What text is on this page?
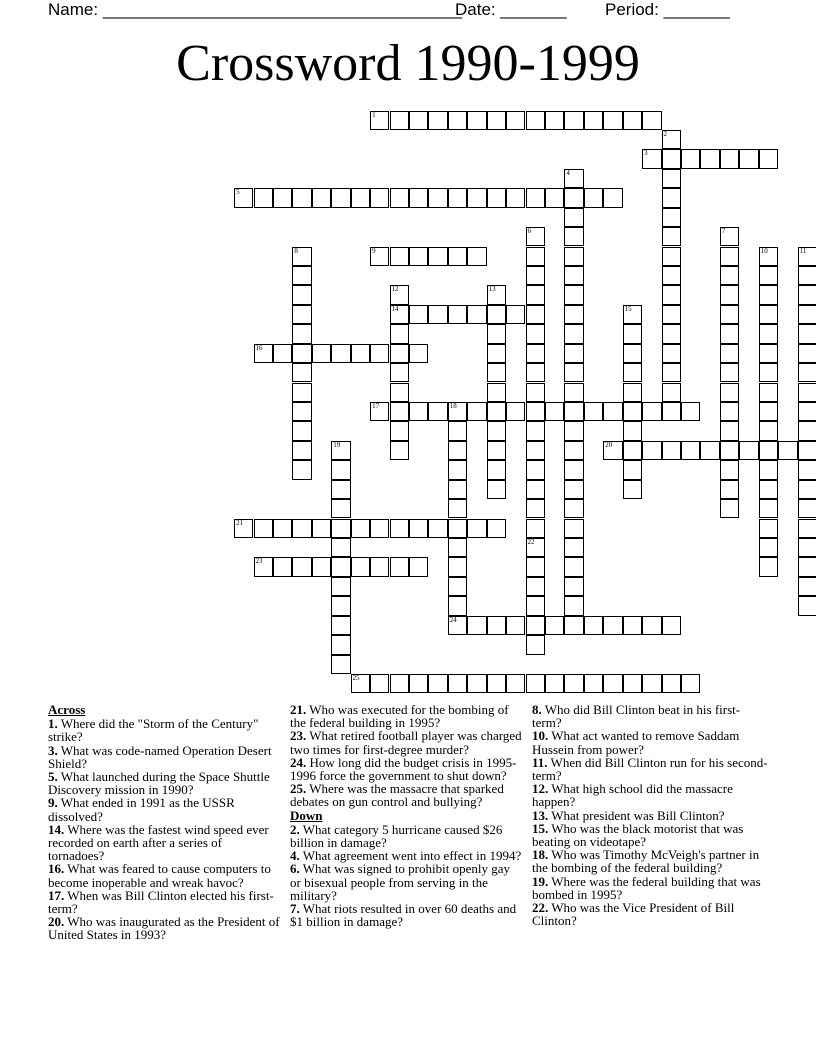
Name: ______________________________________
Date: _______ Period: _______
Crossword 1990-1999
1
2
3
4
5
6
22
7
8	9	10	11
12
14
13
15
16
17	18
24
19	20
21
23
25
Across
1. Where did the "Storm of the Century" strike?
3. What was code-named Operation Desert Shield?
5. What launched during the Space Shuttle Discovery mission in 1990?
9. What ended in 1991 as the USSR dissolved?
14. Where was the fastest wind speed ever recorded on earth after a series of tornadoes?
16. What was feared to cause computers to become inoperable and wreak havoc?
17. When was Bill Clinton elected his first-term?
20. Who was inaugurated as the President of United States in 1993?
21. Who was executed for the bombing of the federal building in 1995?
23. What retired football player was charged two times for first-degree murder?
24. How long did the budget crisis in 1995-1996 force the government to shut down?
25. Where was the massacre that sparked debates on gun control and bullying?
Down
2. What category 5 hurricane caused $26 billion in damage?
4. What agreement went into effect in 1994?
6. What was signed to prohibit openly gay or bisexual people from serving in the military?
7. What riots resulted in over 60 deaths and $1 billion in damage?
8. Who did Bill Clinton beat in his first-term?
10. What act wanted to remove Saddam Hussein from power?
11. When did Bill Clinton run for his second-term?
12. What high school did the massacre happen?
13. What president was Bill Clinton?
15. Who was the black motorist that was beating on videotape?
18. Who was Timothy McVeigh's partner in the bombing of the federal building?
19. Where was the federal building that was bombed in 1995?
22. Who was the Vice President of Bill Clinton?
